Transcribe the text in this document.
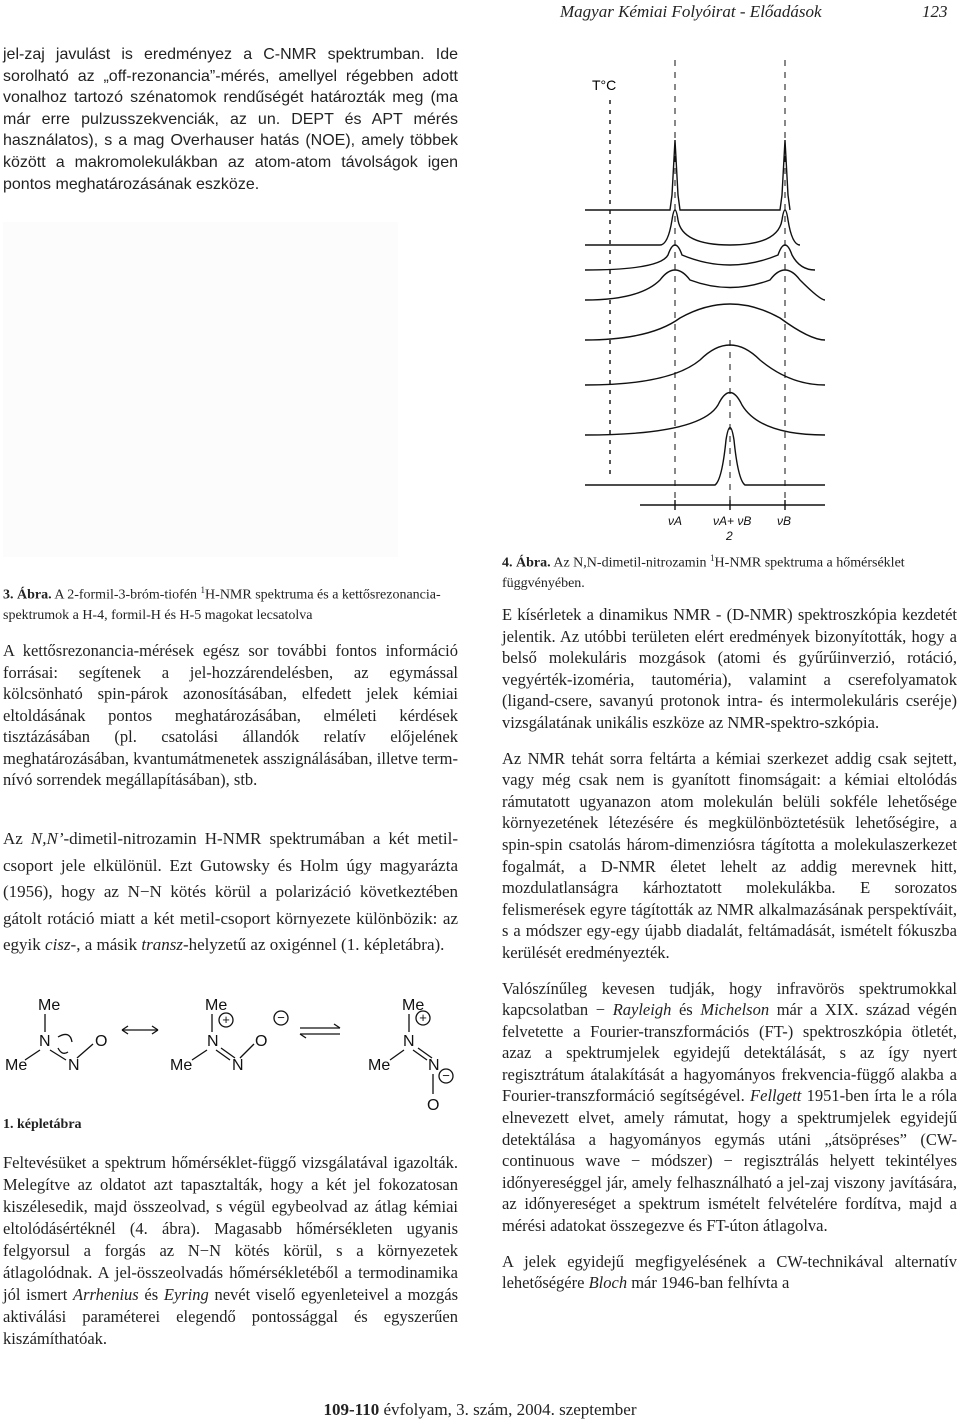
Magyar Kémiai Folyóirat - Előadások	123
jel-zaj javulást is eredményez a C-NMR spektrumban. Ide sorolható az „off-rezonancia”-mérés, amellyel régebben adott vonalhoz tartozó szénatomok rendűségét határozták meg (ma már erre pulzusszekvenciák, az un. DEPT és APT mérés használatos), s a mag Overhauser hatás (NOE), amely többek között a makromolekulákban az atom-atom távolságok igen pontos meghatározásának eszköze.
3. Ábra. A 2-formil-3-bróm-tiofén $^1$H-NMR spektruma és a kettősrezonancia-spektrumok a H-4, formil-H és H-5 magokat lecsatolva
A kettősrezonancia-mérések egész sor további fontos információ forrásai: segítenek a jel-hozzárendelésben, az egymással kölcsönható spin-párok azonosításában, elfedett jelek kémiai eltoldásának pontos meghatározásában, elméleti kérdések tisztázásában (pl. csatolási állandók relatív előjelének meghatározásában, kvantumátmenetek asszignálásában, illetve term-nívó sorrendek megállapításában), stb.
Az N,N’-dimetil-nitrozamin H-NMR spektrumában a két metil-csoport jele elkülönül. Ezt Gutowsky és Holm úgy magyarázta (1956), hogy az N−N kötés körül a polarizáció következtében gátolt rotáció miatt a két metil-csoport környezete különbözik: az egyik cisz-, a másik transz-helyzetű az oxigénnel (1. képletábra).
Me
N	O
Me	N
Me
N O
Me N
Me
N
Me N
O
+	−	+
−
1. képletábra
Feltevésüket a spektrum hőmérséklet-függő vizsgálatával igazolták. Melegítve az oldatot azt tapasztalták, hogy a két jel fokozatosan kiszélesedik, majd összeolvad, s végül egybeolvad az átlag kémiai eltolódásértéknél (4. ábra). Magasabb hőmérsékleten ugyanis felgyorsul a forgás az N−N kötés körül, s a környezetek átlagolódnak. A jel-összeolvadás hőmérsékletéből a termodinamika jól ismert Arrhenius és Eyring nevét viselő egyenleteivel a mozgás aktiválási paraméterei elegendő pontossággal és egyszerűen kiszámíthatóak.
T°C
νA	νA+ νB
2
νB
4. Ábra. Az N,N-dimetil-nitrozamin $^1$H-NMR spektruma a hőmérséklet függvényében.

E kísérletek a dinamikus NMR - (D-NMR) spektroszkópia kezdetét jelentik. Az utóbbi területen elért eredmények bizonyították, hogy a belső molekuláris mozgások (atomi és gyűrűinverzió, rotáció, vegyérték-izoméria, tautoméria), valamint a cserefolyamatok (ligand-csere, savanyú protonok intra- és intermolekuláris cseréje) vizsgálatának unikális eszköze az NMR-spektro-szkópia.

Az NMR tehát sorra feltárta a kémiai szerkezet addig csak sejtett, vagy még csak nem is gyanított finomságait: a kémiai eltolódás rámutatott ugyanazon atom molekulán belüli sokféle lehetősége környezetének létezésére és megkülönböztetésük lehetőségire, a spin-spin csatolás három-dimenziósra tágította a molekulaszerkezet fogalmát, a D-NMR életet lehelt az addig merevnek hitt, mozdulatlanságra kárhoztatott molekulákba. E sorozatos felismerések egyre tágították az NMR alkalmazásának perspektíváit, s a módszer egy-egy újabb diadalát, feltámadását, ismételt fókuszba kerülését eredményezték.

Valószínűleg kevesen tudják, hogy infravörös spektrumokkal kapcsolatban − Rayleigh és Michelson már a XIX. század végén felvetette a Fourier-transzformációs (FT-) spektroszkópia ötletét, azaz a spektrumjelek egyidejű detektálását, s az így nyert regisztrátum átalakítását a hagyományos frekvencia-függő alakba a Fourier-transzformáció segítségével. Fellgett 1951-ben írta le a róla elnevezett elvet, amely rámutat, hogy a spektrumjelek egyidejű detektálása a hagyományos egymás utáni „átsöpréses” (CW- continuous wave − módszer) − regisztrálás helyett tekintélyes időnyereséggel jár, amely felhasználható a jel-zaj viszony javítására, az időnyereséget a spektrum ismételt felvételére fordítva, majd a mérési adatokat összegezve és FT-úton átlagolva.

A jelek egyidejű megfigyelésének a CW-technikával alternatív lehetőségére Bloch már 1946-ban felhívta a

109-110 évfolyam, 3. szám, 2004. szeptember
